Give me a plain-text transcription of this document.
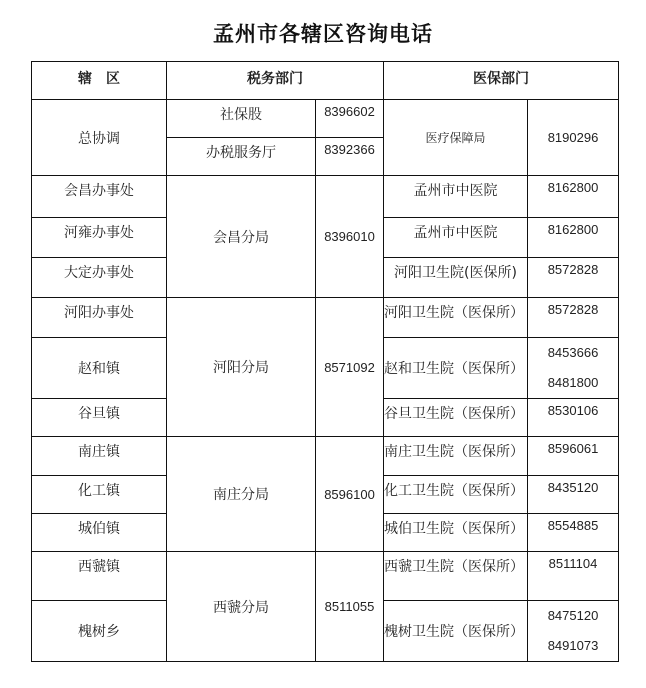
孟州市各辖区咨询电话
辖　区	税务部门		医保部门	
总协调	社保股	8396602	医疗保障局	8190296
	办税服务厅	8392366		
会昌办事处	会昌分局	8396010	孟州市中医院	8162800
河雍办事处			孟州市中医院	8162800
大定办事处			河阳卫生院(医保所)	8572828
河阳办事处	河阳分局	8571092	河阳卫生院（医保所）	8572828
赵和镇			赵和卫生院（医保所）	8453666
8481800

谷旦镇			谷旦卫生院（医保所）	8530106
南庄镇	南庄分局	8596100	南庄卫生院（医保所）	8596061
化工镇			化工卫生院（医保所）	8435120
城伯镇			城伯卫生院（医保所）	8554885
西虢镇	西虢分局	8511055	西虢卫生院（医保所）	8511104
槐树乡			槐树卫生院（医保所）	8475120
8491073
